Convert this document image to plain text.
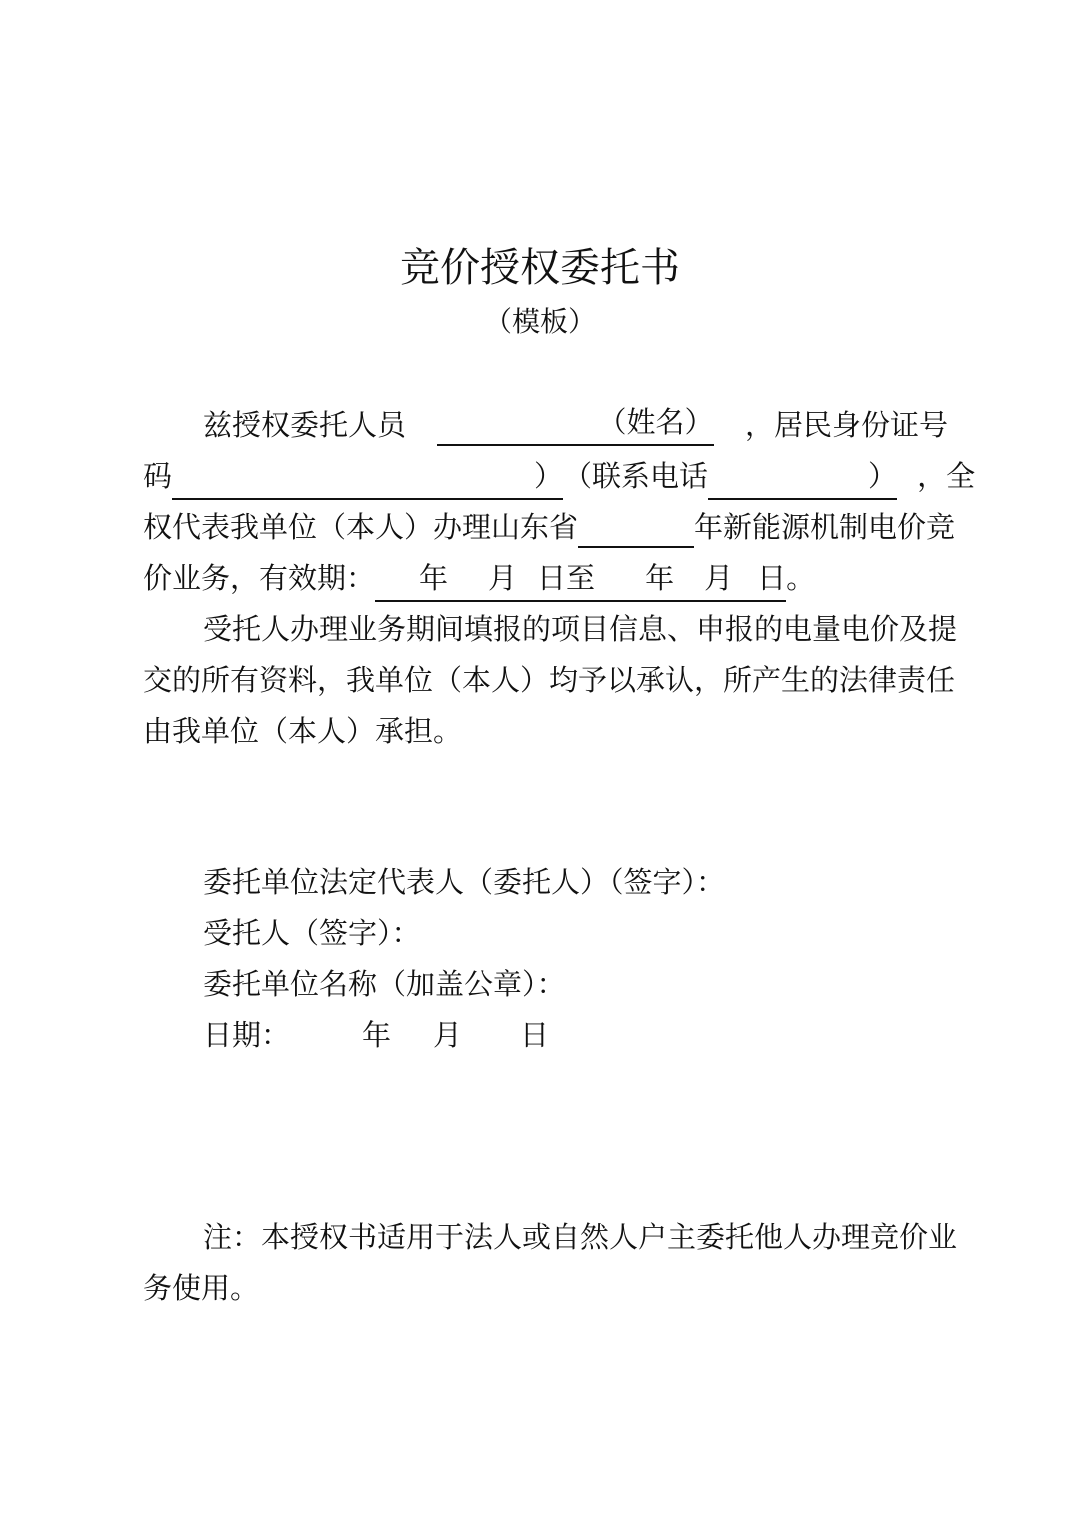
竞价授权委托书
（模板）
兹授权委托人员	（姓名） ，居民身份证号
码	）（联系电话	） ，全
权代表我单位（本人）办理山东省	年新能源机制电价竞
价业务，有效期： 年 月 日至 年 月 日。
受托人办理业务期间填报的项目信息、申报的电量电价及提
交的所有资料，我单位（本人）均予以承认，所产生的法律责任
由我单位（本人）承担。
委托单位法定代表人（委托人）（签字）：
受托人（签字）：
委托单位名称（加盖公章）：
日期： 年 月 日
注：本授权书适用于法人或自然人户主委托他人办理竞价业
务使用。
